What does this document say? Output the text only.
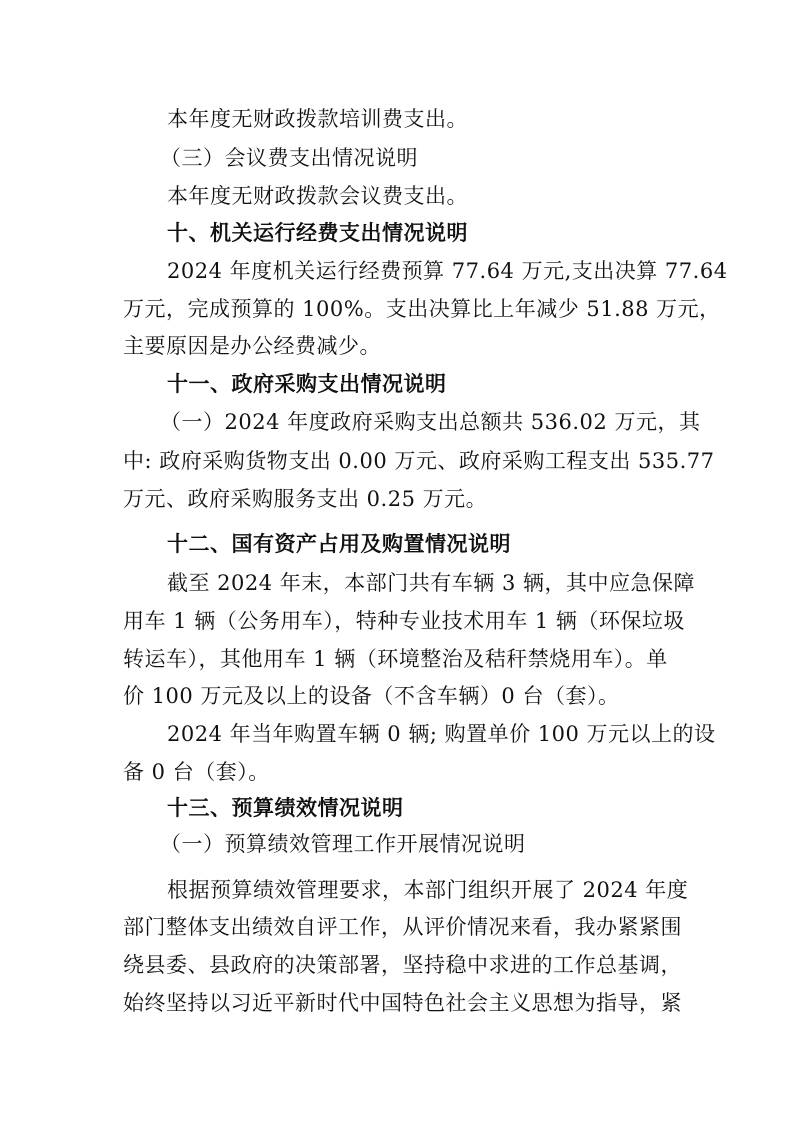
本年度无财政拨款培训费支出。
（三）会议费支出情况说明
本年度无财政拨款会议费支出。
十、机关运行经费支出情况说明
2024 年度机关运行经费预算 77.64 万元,支出决算 77.64
万元，完成预算的 100%。支出决算比上年减少 51.88 万元，
主要原因是办公经费减少。
十一、政府采购支出情况说明
（一）2024 年度政府采购支出总额共 536.02 万元，其
中: 政府采购货物支出 0.00 万元、政府采购工程支出 535.77
万元、政府采购服务支出 0.25 万元。
十二、国有资产占用及购置情况说明
截至 2024 年末，本部门共有车辆 3 辆，其中应急保障
用车 1 辆（公务用车），特种专业技术用车 1 辆（环保垃圾
转运车），其他用车 1 辆（环境整治及秸秆禁烧用车）。单
价 100 万元及以上的设备（不含车辆）0 台（套）。
2024 年当年购置车辆 0 辆; 购置单价 100 万元以上的设
备 0 台（套）。
十三、预算绩效情况说明
（一）预算绩效管理工作开展情况说明
根据预算绩效管理要求，本部门组织开展了 2024 年度
部门整体支出绩效自评工作，从评价情况来看，我办紧紧围
绕县委、县政府的决策部署，坚持稳中求进的工作总基调，
始终坚持以习近平新时代中国特色社会主义思想为指导，紧
